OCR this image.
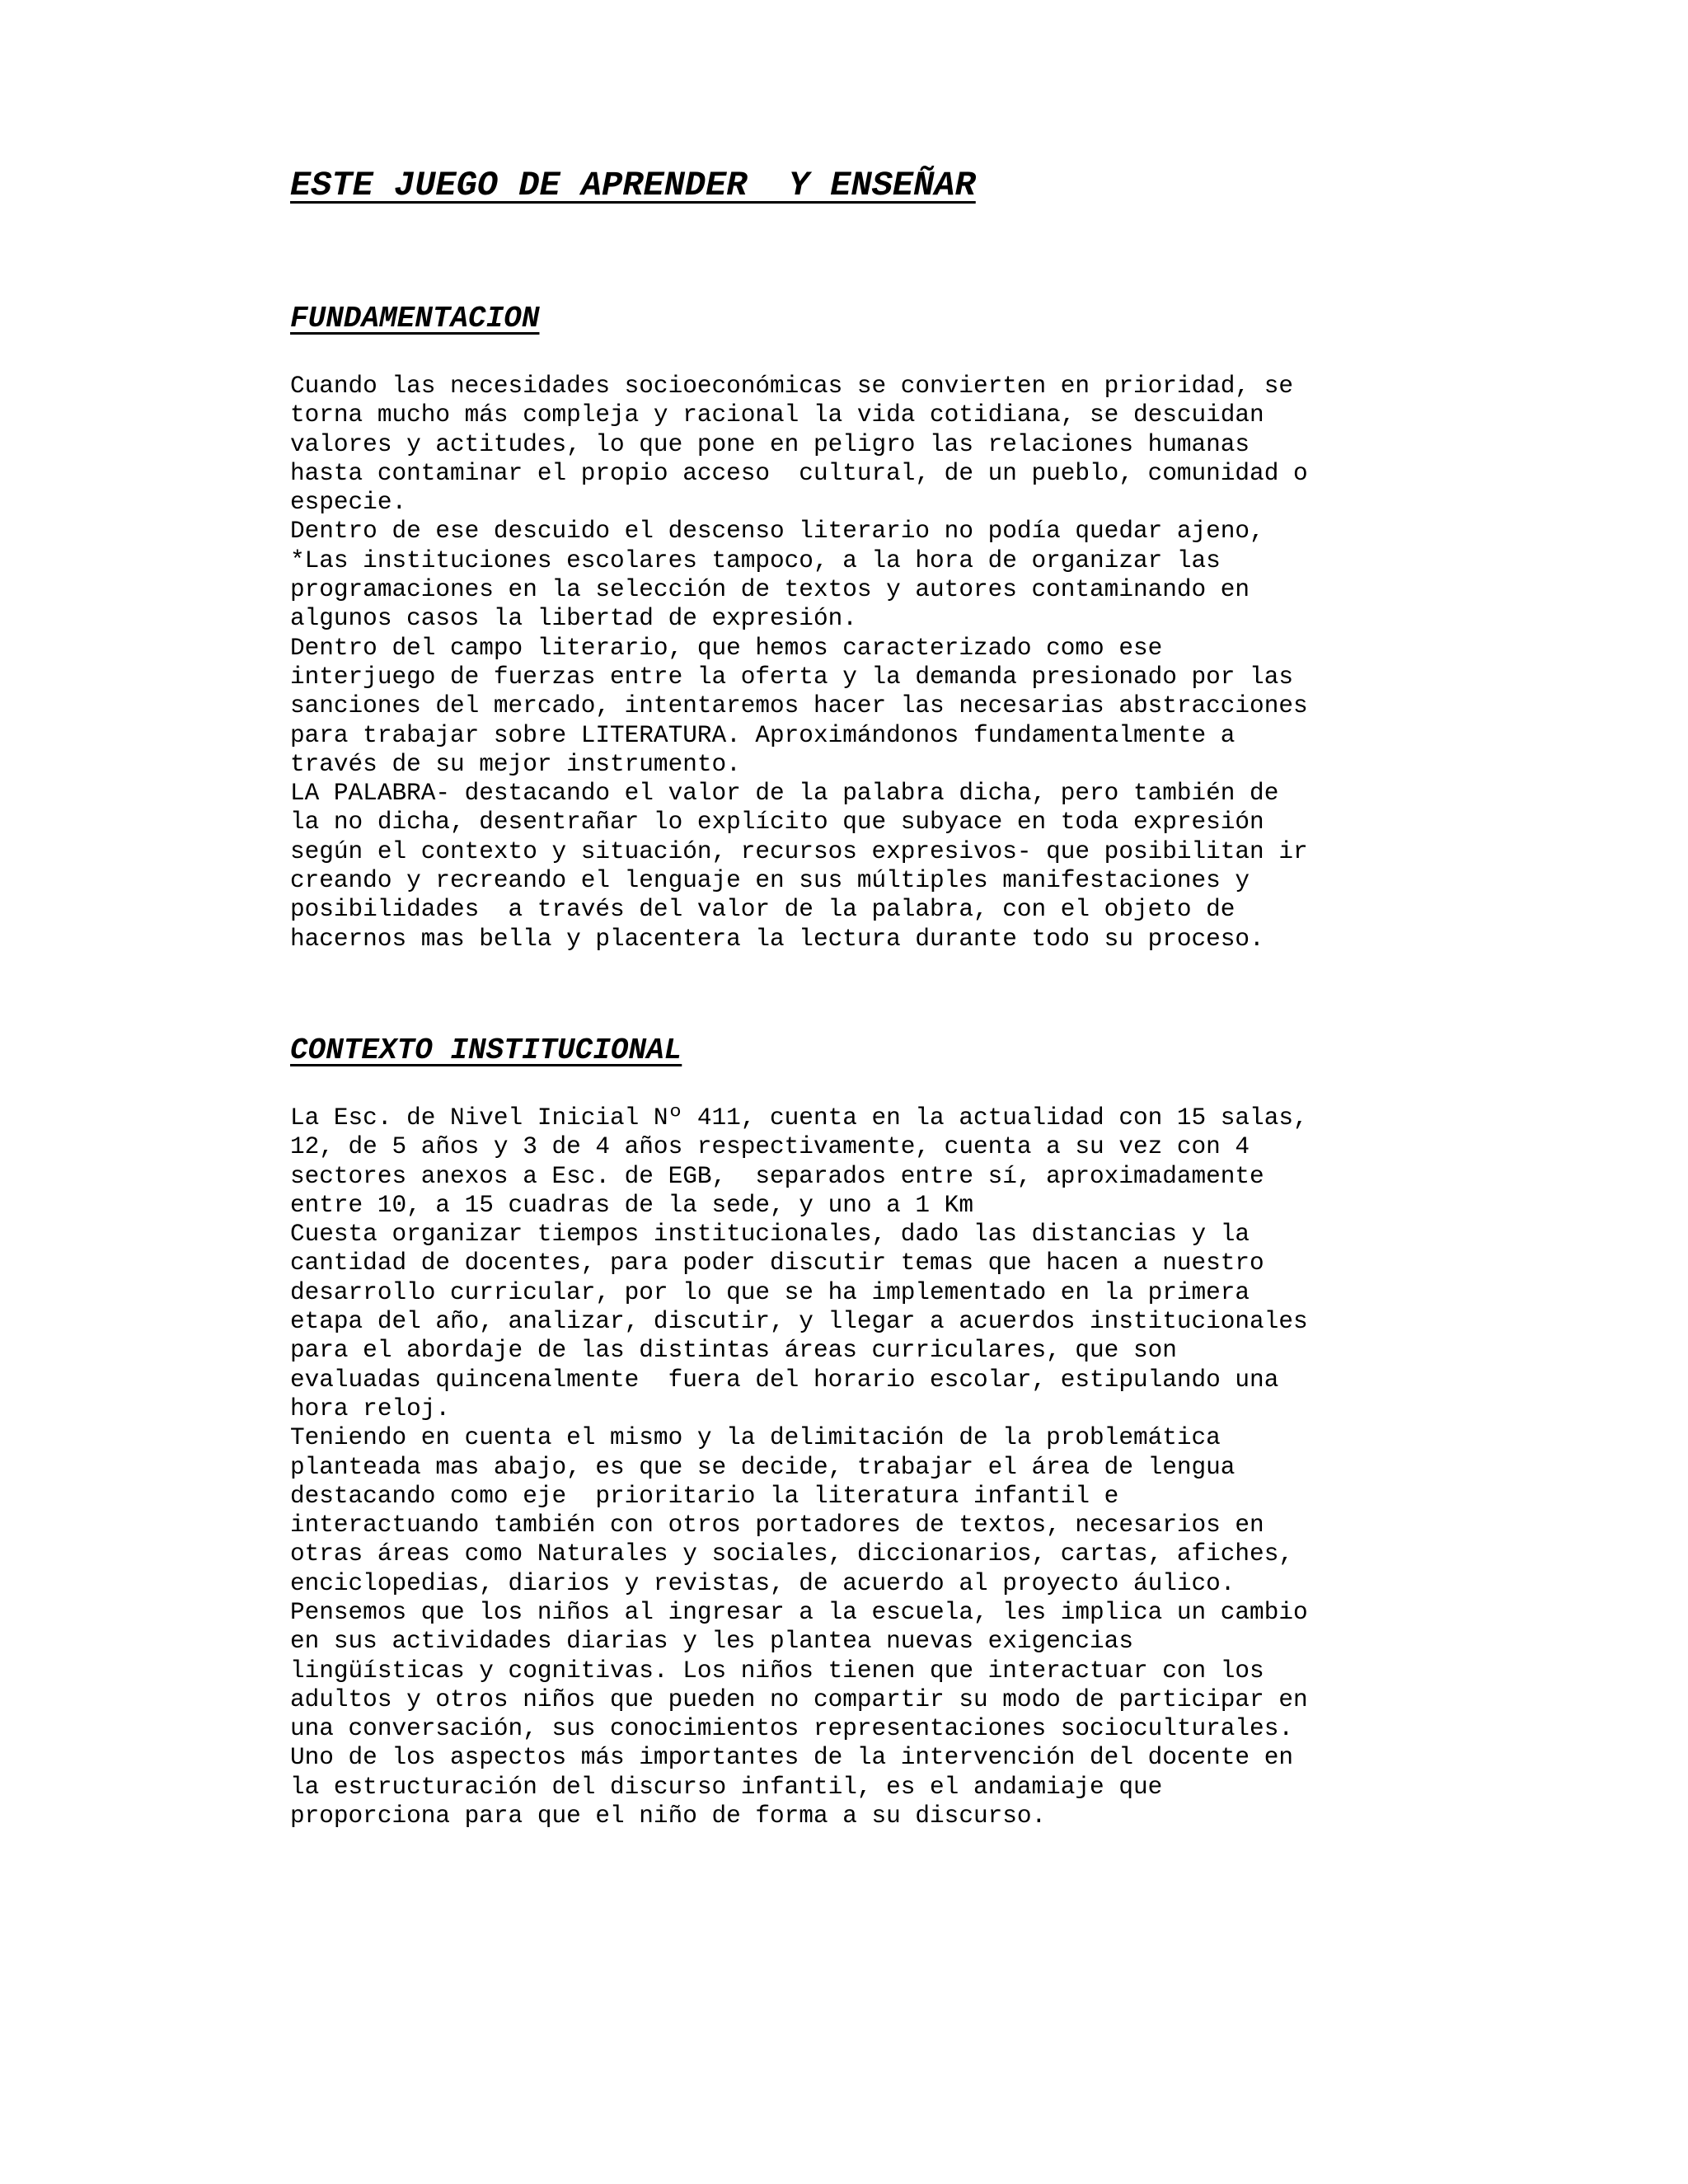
ESTE JUEGO DE APRENDER  Y ENSEÑAR
FUNDAMENTACION
Cuando las necesidades socioeconómicas se convierten en prioridad, se
torna mucho más compleja y racional la vida cotidiana, se descuidan
valores y actitudes, lo que pone en peligro las relaciones humanas
hasta contaminar el propio acceso  cultural, de un pueblo, comunidad o
especie.
Dentro de ese descuido el descenso literario no podía quedar ajeno,
*Las instituciones escolares tampoco, a la hora de organizar las
programaciones en la selección de textos y autores contaminando en
algunos casos la libertad de expresión.
Dentro del campo literario, que hemos caracterizado como ese
interjuego de fuerzas entre la oferta y la demanda presionado por las
sanciones del mercado, intentaremos hacer las necesarias abstracciones
para trabajar sobre LITERATURA. Aproximándonos fundamentalmente a
través de su mejor instrumento.
LA PALABRA- destacando el valor de la palabra dicha, pero también de
la no dicha, desentrañar lo explícito que subyace en toda expresión
según el contexto y situación, recursos expresivos- que posibilitan ir
creando y recreando el lenguaje en sus múltiples manifestaciones y
posibilidades  a través del valor de la palabra, con el objeto de
hacernos mas bella y placentera la lectura durante todo su proceso.
CONTEXTO INSTITUCIONAL
La Esc. de Nivel Inicial Nº 411, cuenta en la actualidad con 15 salas,
12, de 5 años y 3 de 4 años respectivamente, cuenta a su vez con 4
sectores anexos a Esc. de EGB,  separados entre sí, aproximadamente
entre 10, a 15 cuadras de la sede, y uno a 1 Km
Cuesta organizar tiempos institucionales, dado las distancias y la
cantidad de docentes, para poder discutir temas que hacen a nuestro
desarrollo curricular, por lo que se ha implementado en la primera
etapa del año, analizar, discutir, y llegar a acuerdos institucionales
para el abordaje de las distintas áreas curriculares, que son
evaluadas quincenalmente  fuera del horario escolar, estipulando una
hora reloj.
Teniendo en cuenta el mismo y la delimitación de la problemática
planteada mas abajo, es que se decide, trabajar el área de lengua
destacando como eje  prioritario la literatura infantil e
interactuando también con otros portadores de textos, necesarios en
otras áreas como Naturales y sociales, diccionarios, cartas, afiches,
enciclopedias, diarios y revistas, de acuerdo al proyecto áulico.
Pensemos que los niños al ingresar a la escuela, les implica un cambio
en sus actividades diarias y les plantea nuevas exigencias
lingüísticas y cognitivas. Los niños tienen que interactuar con los
adultos y otros niños que pueden no compartir su modo de participar en
una conversación, sus conocimientos representaciones socioculturales.
Uno de los aspectos más importantes de la intervención del docente en
la estructuración del discurso infantil, es el andamiaje que
proporciona para que el niño de forma a su discurso.
